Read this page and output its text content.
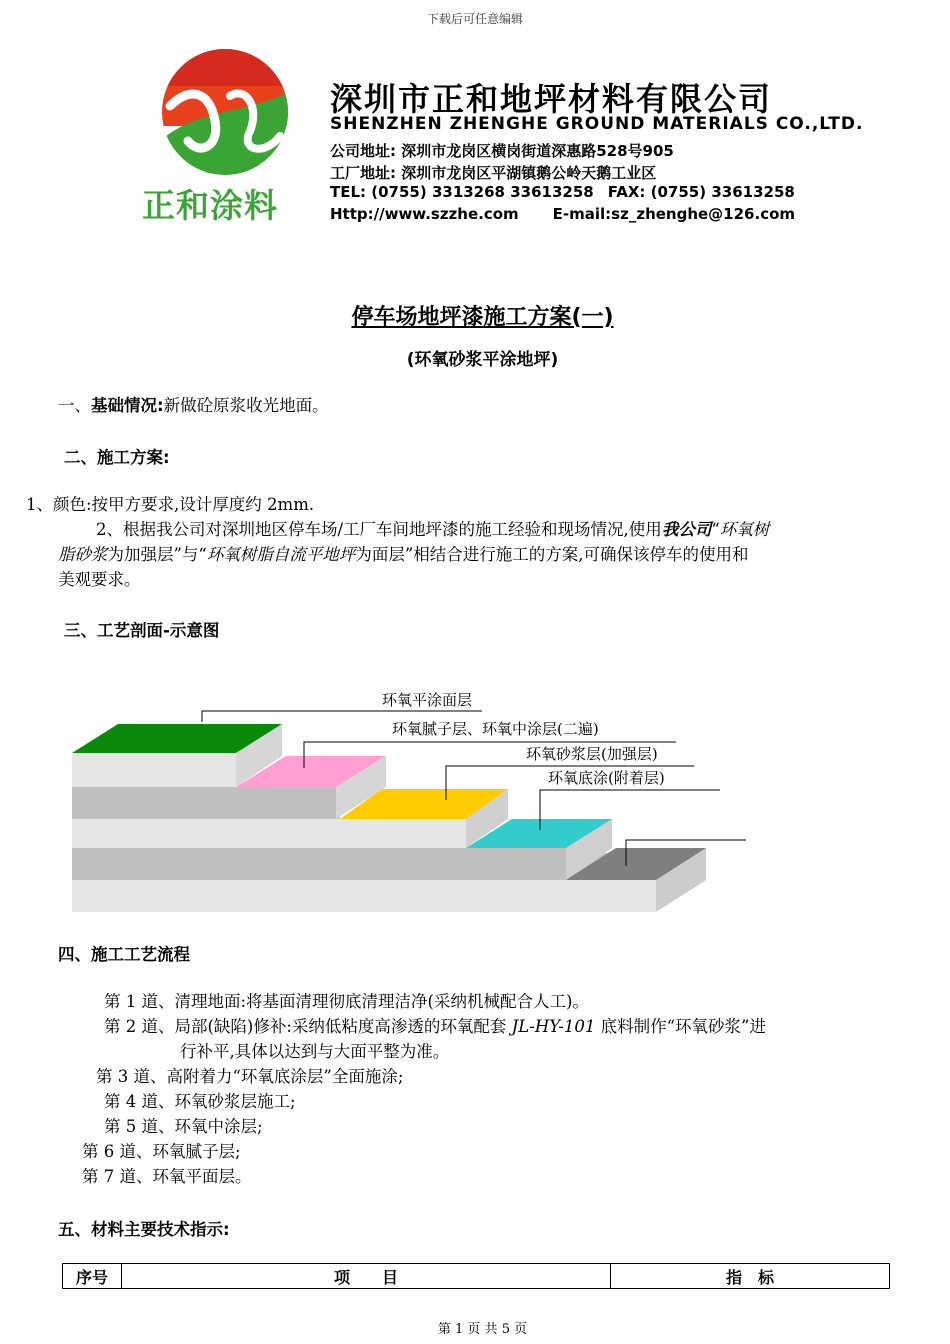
下载后可任意编辑
正和涂料
深圳市正和地坪材料有限公司
SHENZHEN ZHENGHE GROUND MATERIALS CO.,LTD.
公司地址: 深圳市龙岗区横岗街道深惠路528号905
工厂地址: 深圳市龙岗区平湖镇鹅公岭天鹅工业区
TEL: (0755) 3313268 33613258 FAX: (0755) 33613258
Http://www.szzhe.com E-mail:sz_zhenghe@126.com
停车场地坪漆施工方案(一)
(环氧砂浆平涂地坪)
一、基础情况:新做砼原浆收光地面。
二、施工方案:
1、颜色:按甲方要求,设计厚度约 2mm.
2、根据我公司对深圳地区停车场/工厂车间地坪漆的施工经验和现场情况,使用我公司“环氧树
脂砂浆为加强层”与“环氧树脂自流平地坪为面层”相结合进行施工的方案,可确保该停车的使用和
美观要求。
三、工艺剖面-示意图
环氧平涂面层
环氧腻子层、环氧中涂层(二遍)
环氧砂浆层(加强层)
环氧底涂(附着层)
四、施工工艺流程
第 1 道、清理地面:将基面清理彻底清理洁净(采纳机械配合人工)。
第 2 道、局部(缺陷)修补:采纳低粘度高渗透的环氧配套 JL-HY-101 底料制作“环氧砂浆”进
行补平,具体以达到与大面平整为准。
第 3 道、高附着力“环氧底涂层”全面施涂;
第 4 道、环氧砂浆层施工;
第 5 道、环氧中涂层;
第 6 道、环氧腻子层;
第 7 道、环氧平面层。
五、材料主要技术指示:
序号	项　　目	指　标
第 1 页 共 5 页
